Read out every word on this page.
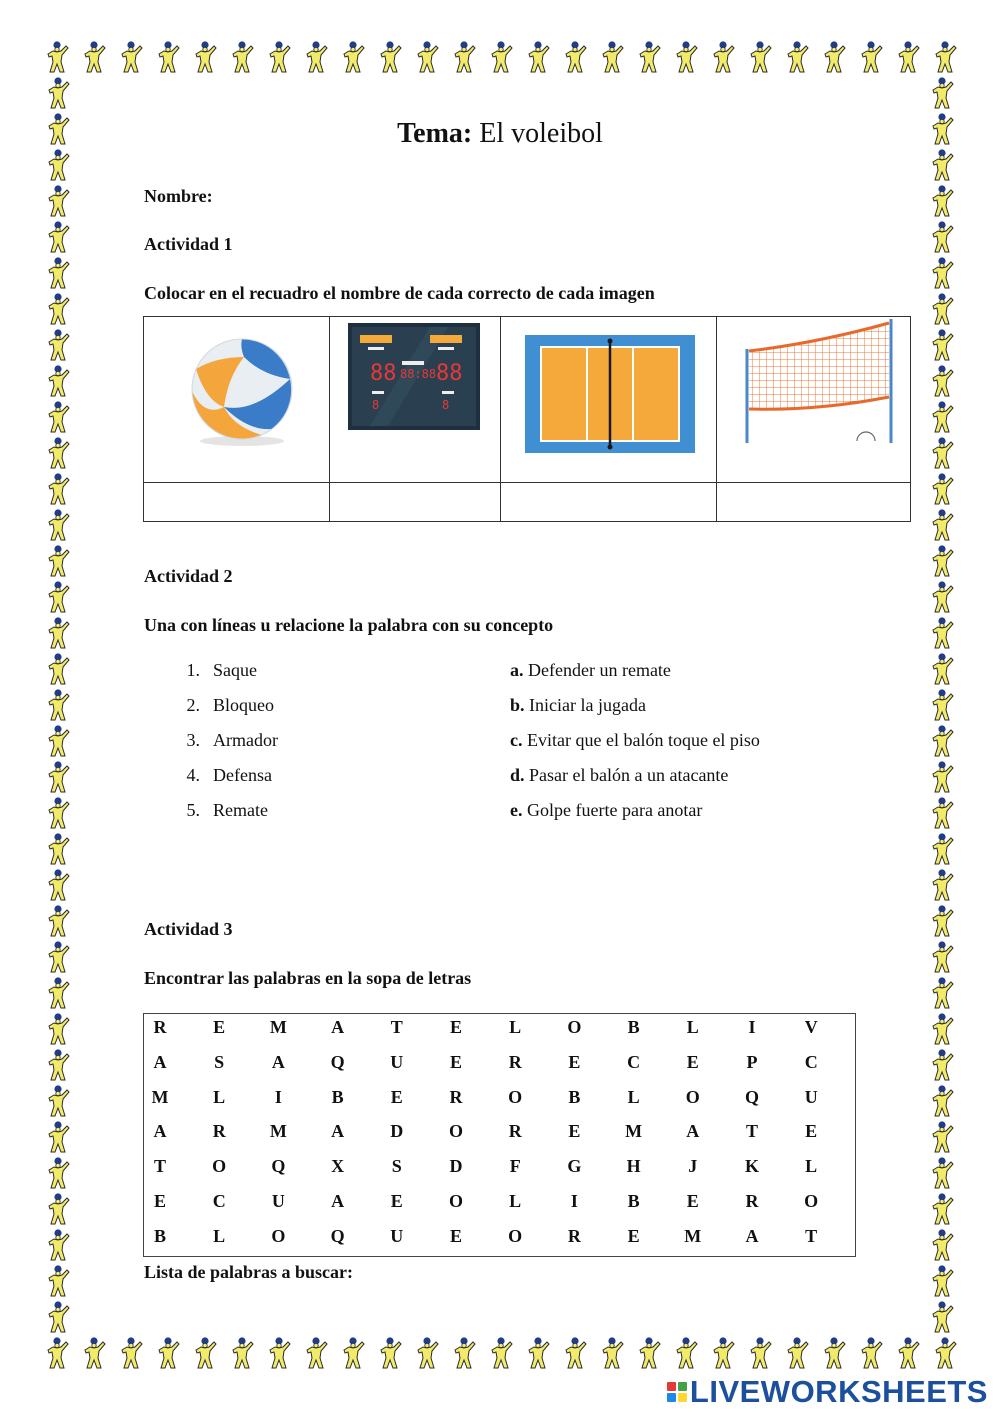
Tema: El voleibol
Nombre:
Actividad 1
Colocar en el recuadro el nombre de cada correcto de cada imagen

88 88
88:88
8 8

Actividad 2
Una con líneas u relacione la palabra con su concepto
1. Saque	a. Defender un remate
2. Bloqueo	b. Iniciar la jugada
3. Armador	c. Evitar que el balón toque el piso
4. Defensa	d. Pasar el balón a un atacante
5. Remate	e. Golpe fuerte para anotar
Actividad 3
Encontrar las palabras en la sopa de letras
R	E	M	A	T	E	L	O	B	L	I	V
A	S	A	Q	U	E	R	E	C	E	P	C
M	L	I	B	E	R	O	B	L	O	Q	U
A	R	M	A	D	O	R	E	M	A	T	E
T	O	Q	X	S	D	F	G	H	J	K	L
E	C	U	A	E	O	L	I	B	E	R	O
B	L	O	Q	U	E	O	R	E	M	A	T
Lista de palabras a buscar:
LIVEWORKSHEETS
